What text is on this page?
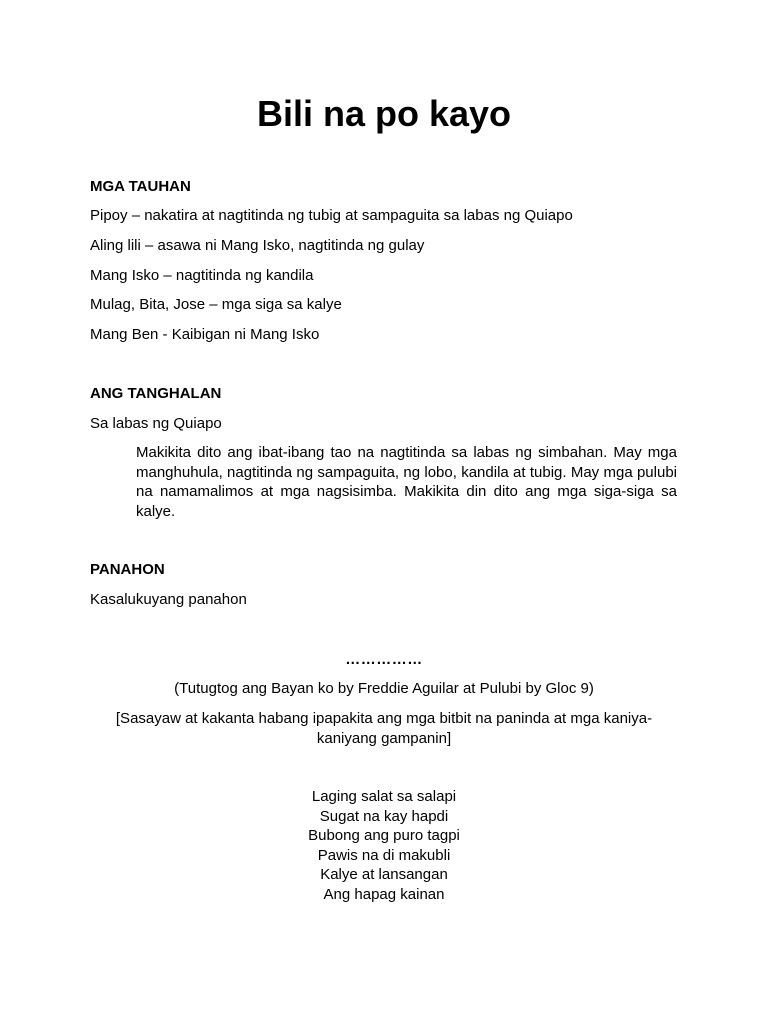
Bili na po kayo
MGA TAUHAN
Pipoy – nakatira at nagtitinda ng tubig at sampaguita sa labas ng Quiapo
Aling lili – asawa ni Mang Isko, nagtitinda ng gulay
Mang Isko – nagtitinda ng kandila
Mulag, Bita, Jose – mga siga sa kalye
Mang Ben - Kaibigan ni Mang Isko
ANG TANGHALAN
Sa labas ng Quiapo
Makikita dito ang ibat-ibang tao na nagtitinda sa labas ng simbahan. May mga manghuhula, nagtitinda ng sampaguita, ng lobo, kandila at tubig. May mga pulubi na namamalimos at mga nagsisimba. Makikita din dito ang mga siga-siga sa kalye.
PANAHON
Kasalukuyang panahon
……………
(Tutugtog ang Bayan ko by Freddie Aguilar at Pulubi by Gloc 9)
[Sasayaw at kakanta habang ipapakita ang mga bitbit na paninda at mga kaniya-kaniyang gampanin]
Laging salat sa salapi
Sugat na kay hapdi
Bubong ang puro tagpi
Pawis na di makubli
Kalye at lansangan
Ang hapag kainan
